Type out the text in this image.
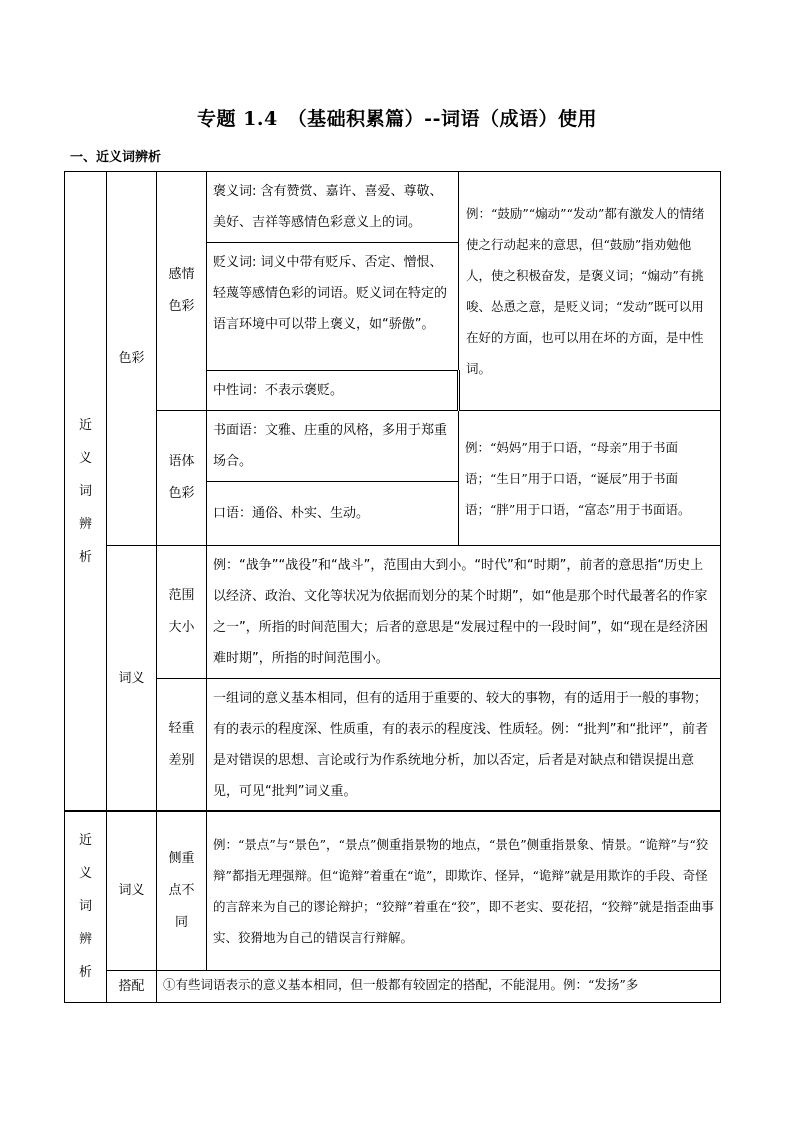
专题 1.4　（基础积累篇）--词语（成语）使用
一、近义词辨析
近义词辨析	色彩	感情色彩	褒义词: 含有赞赏、嘉许、喜爱、尊敬、美好、吉祥等感情色彩意义上的词。	例：“鼓励”“煽动”“发动”都有激发人的情绪使之行动起来的意思，但“鼓励”指劝勉他人，使之积极奋发，是褒义词；“煽动”有挑唆、怂恿之意，是贬义词；“发动”既可以用在好的方面，也可以用在坏的方面，是中性词。
			贬义词: 词义中带有贬斥、否定、憎恨、轻蔑等感情色彩的词语。贬义词在特定的语言环境中可以带上褒义，如“骄傲”。	
			中性词：不表示褒贬。	

		语体色彩	书面语：文雅、庄重的风格，多用于郑重场合。	例：“妈妈”用于口语，“母亲”用于书面语；“生日”用于口语，“诞辰”用于书面语；“胖”用于口语，“富态”用于书面语。
			口语：通俗、朴实、生动。	
	词义	范围大小	例：“战争”“战役”和“战斗”，范围由大到小。“时代”和“时期”，前者的意思指“历史上以经济、政治、文化等状况为依据而划分的某个时期”，如“他是那个时代最著名的作家之一”，所指的时间范围大；后者的意思是“发展过程中的一段时间”，如“现在是经济困难时期”，所指的时间范围小。	

		轻重差别	一组词的意义基本相同，但有的适用于重要的、较大的事物，有的适用于一般的事物；有的表示的程度深、性质重，有的表示的程度浅、性质轻。例：“批判”和“批评”，前者是对错误的思想、言论或行为作系统地分析，加以否定，后者是对缺点和错误提出意见，可见“批判”词义重。	
近义词辨析	词义	侧重点不同	例：“景点”与“景色”，“景点”侧重指景物的地点，“景色”侧重指景象、情景。“诡辩”与“狡辩”都指无理强辩。但“诡辩”着重在“诡”，即欺诈、怪异，“诡辩”就是用欺诈的手段、奇怪的言辞来为自己的谬论辩护；“狡辩”着重在“狡”，即不老实、耍花招，“狡辩”就是指歪曲事实、狡猾地为自己的错误言行辩解。
	搭配	①有些词语表示的意义基本相同，但一般都有较固定的搭配，不能混用。例：“发扬”多	
